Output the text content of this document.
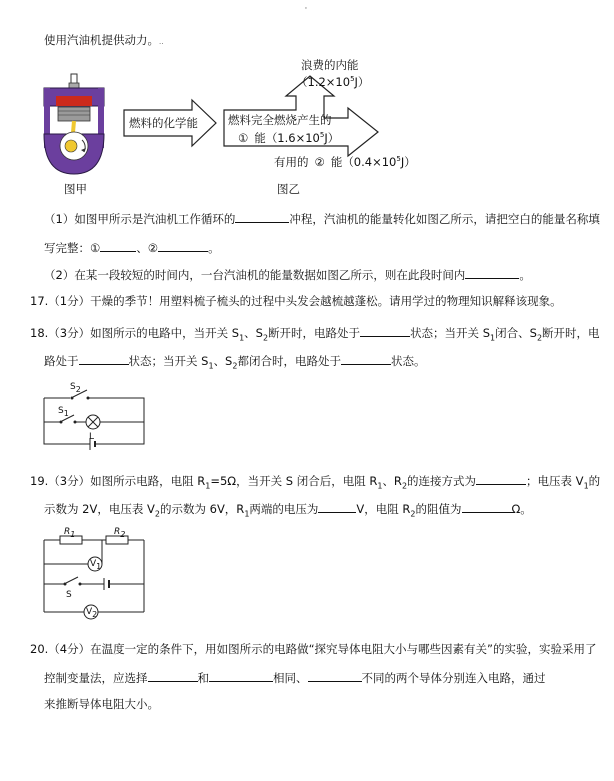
'
使用汽油机提供动力。..
图甲
燃料的化学能	燃料完全燃烧产生的
① 能$(1.6\times 10^5J)$
浪费的内能
$(1.2\times 10^5J)$
有用的 ② 能$(0.4\times 10^5J)$
图乙
（1）如图甲所示是汽油机工作循环的	冲程，汽油机的能量转化如图乙所示，请把空白的能量名称填
写完整：①	、②	。
（2）在某一段较短的时间内，一台汽油机的能量数据如图乙所示，则在此段时间内	。
17.（1分）干燥的季节！用塑料梳子梳头的过程中头发会越梳越蓬松。请用学过的物理知识解释该现象。
18.（3分）如图所示的电路中，当开关 $S_1$、$S_2$断开时，电路处于	状态；当开关 $S_1$闭合、$S_2$断开时，电
路处于	状态；当开关 $S_1$、$S_2$都闭合时，电路处于	状态。
$S_2$
$S_1$
L
19.（3分）如图所示电路，电阻 $R_1=5\Omega$，当开关 S 闭合后，电阻 $R_1$、$R_2$的连接方式为	；电压表 $V_1$的
示数为 2V，电压表 $V_2$的示数为 6V，$R_1$两端的电压为	V，电阻 $R_2$的阻值为	Ω。
$R_1$	$R_2$
$V_1$
S
$V_2$
20.（4分）在温度一定的条件下，用如图所示的电路做“探究导体电阻大小与哪些因素有关”的实验，实验采用了
控制变量法，应选择	和	相同、	不同的两个导体分别连入电路，通过
来推断导体电阻大小。
